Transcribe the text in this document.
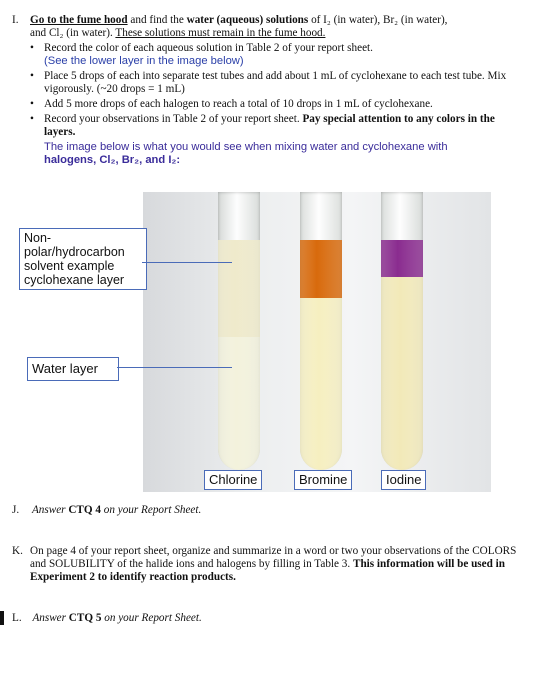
I. Go to the fume hood and find the water (aqueous) solutions of I₂ (in water), Br₂ (in water),
and Cl₂ (in water). These solutions must remain in the fume hood.
• Record the color of each aqueous solution in Table 2 of your report sheet.
(See the lower layer in the image below)
• Place 5 drops of each into separate test tubes and add about 1 mL of cyclohexane to each test tube. Mix vigorously. (~20 drops = 1 mL)
• Add 5 more drops of each halogen to reach a total of 10 drops in 1 mL of cyclohexane.
• Record your observations in Table 2 of your report sheet. Pay special attention to any colors in the layers.
The image below is what you would see when mixing water and cyclohexane with
halogens, Cl₂, Br₂, and I₂:
Non-polar/hydrocarbon solvent example cyclohexane layer
Water layer
Chlorine	Bromine	Iodine
J. Answer CTQ 4 on your Report Sheet.
K. On page 4 of your report sheet, organize and summarize in a word or two your observations of the COLORS and SOLUBILITY of the halide ions and halogens by filling in Table 3. This information will be used in Experiment 2 to identify reaction products.
L. Answer CTQ 5 on your Report Sheet.
